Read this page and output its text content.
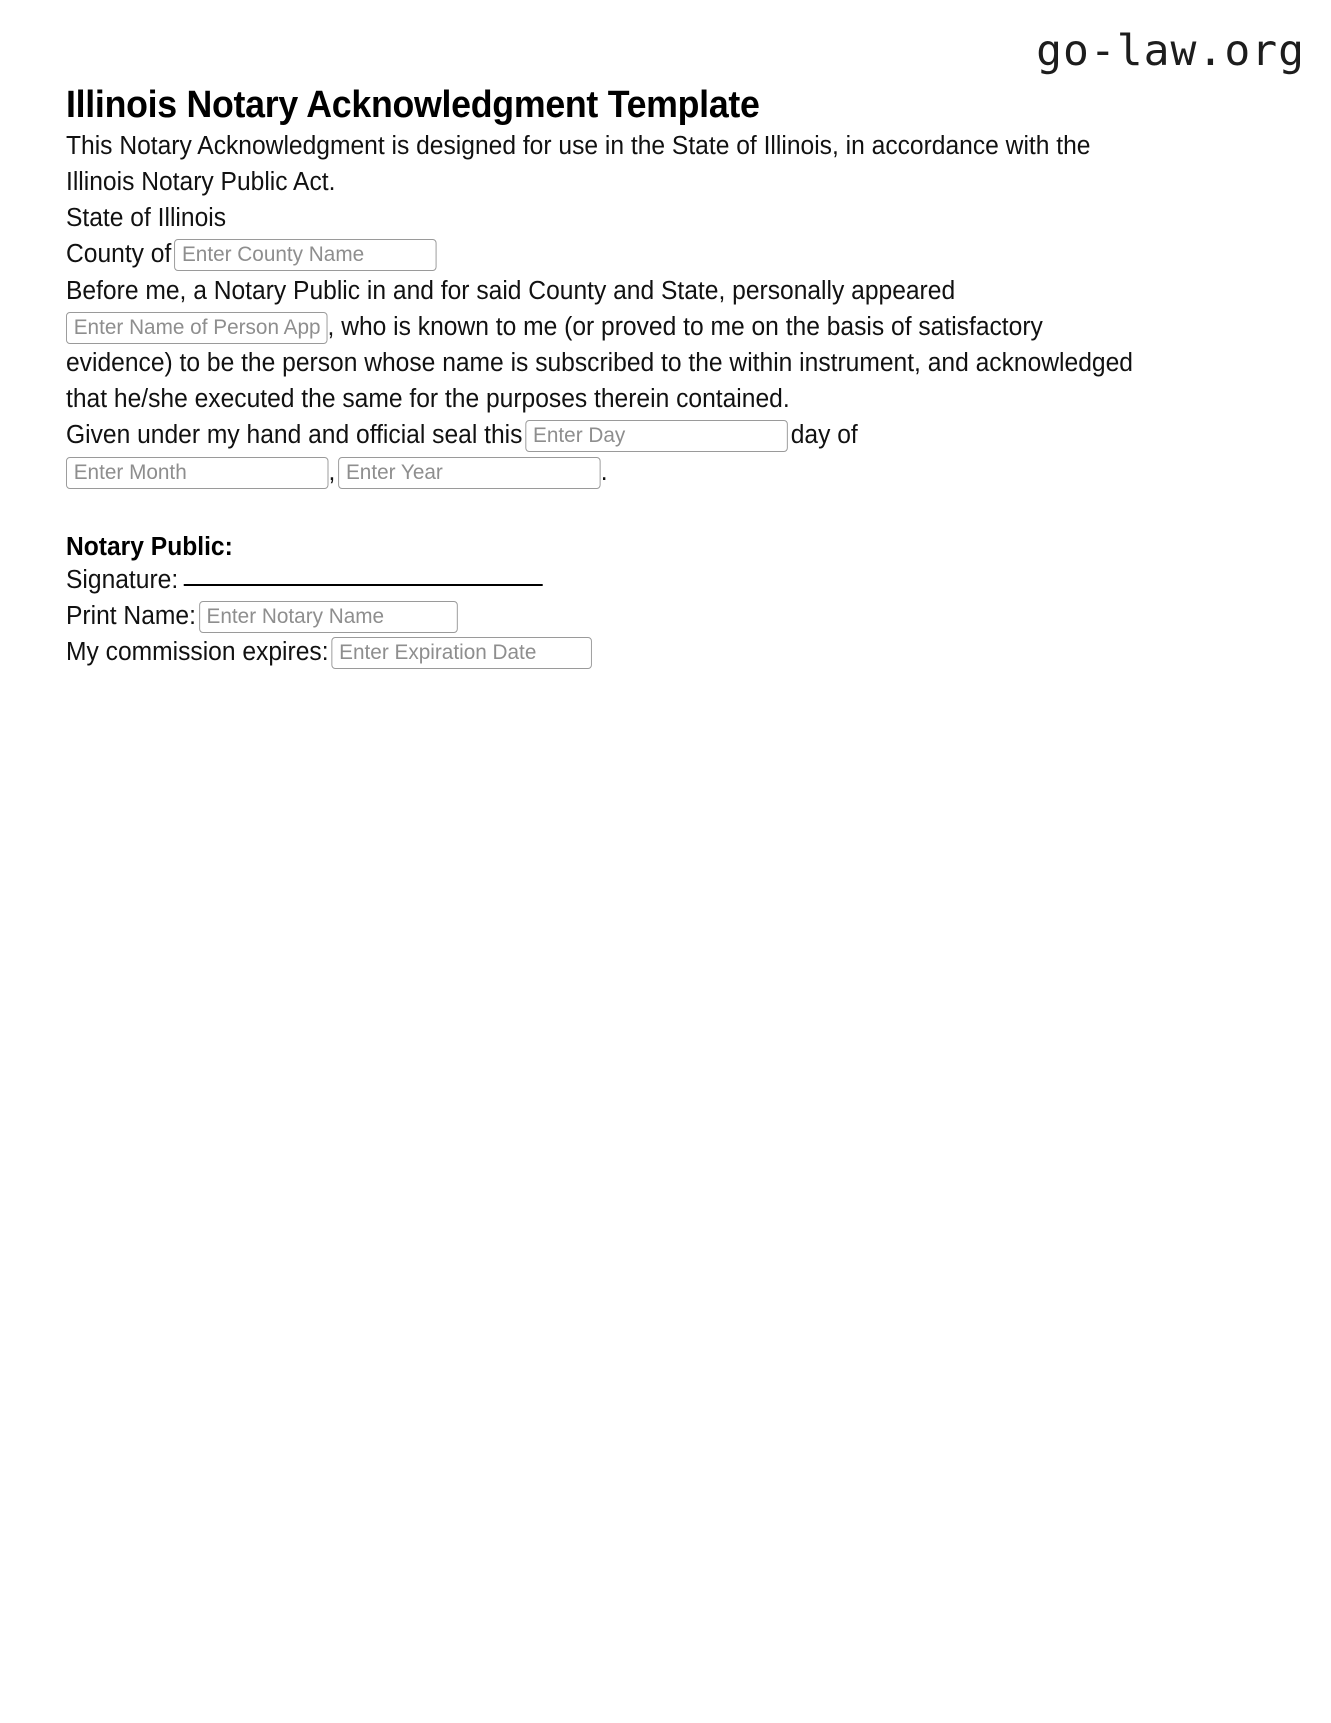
go-law.org
Illinois Notary Acknowledgment Template

This Notary Acknowledgment is designed for use in the State of Illinois, in accordance with the Illinois Notary Public Act.

State of Illinois
County ofEnter County Name

Before me, a Notary Public in and for said County and State, personally appeared Enter Name of Person Appearing, who is known to me (or proved to me on the basis of satisfactory evidence) to be the person whose name is subscribed to the within instrument, and acknowledged that he/she executed the same for the purposes therein contained.

Given under my hand and official seal thisEnter Day	day of
Enter Month,Enter Year	.
Notary Public:
Signature:
Print Name:Enter Notary Name
My commission expires:Enter Expiration Date
